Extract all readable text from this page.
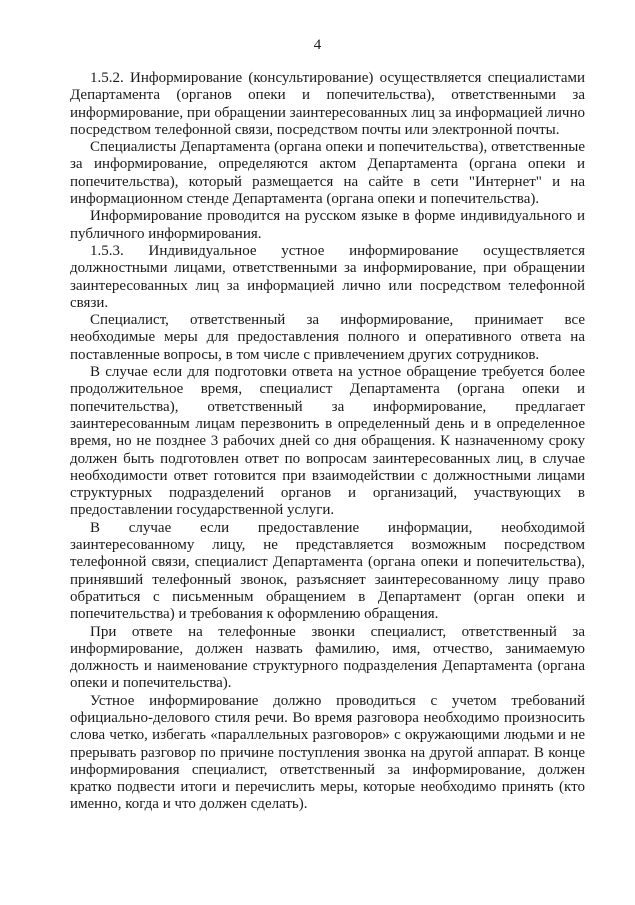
4

1.5.2. Информирование (консультирование) осуществляется специалистами Департамента (органов опеки и попечительства), ответственными за информирование, при обращении заинтересованных лиц за информацией лично посредством телефонной связи, посредством почты или электронной почты.

Специалисты Департамента (органа опеки и попечительства), ответственные за информирование, определяются актом Департамента (органа опеки и попечительства), который размещается на сайте в сети "Интернет" и на информационном стенде Департамента (органа опеки и попечительства).

Информирование проводится на русском языке в форме индивидуального и публичного информирования.

1.5.3. Индивидуальное устное информирование осуществляется должностными лицами, ответственными за информирование, при обращении заинтересованных лиц за информацией лично или посредством телефонной связи.

Специалист, ответственный за информирование, принимает все необходимые меры для предоставления полного и оперативного ответа на поставленные вопросы, в том числе с привлечением других сотрудников.

В случае если для подготовки ответа на устное обращение требуется более продолжительное время, специалист Департамента (органа опеки и попечительства), ответственный за информирование, предлагает заинтересованным лицам перезвонить в определенный день и в определенное время, но не позднее 3 рабочих дней со дня обращения. К назначенному сроку должен быть подготовлен ответ по вопросам заинтересованных лиц, в случае необходимости ответ готовится при взаимодействии с должностными лицами структурных подразделений органов и организаций, участвующих в предоставлении государственной услуги.

В случае если предоставление информации, необходимой заинтересованному лицу, не представляется возможным посредством телефонной связи, специалист Департамента (органа опеки и попечительства), принявший телефонный звонок, разъясняет заинтересованному лицу право обратиться с письменным обращением в Департамент (орган опеки и попечительства) и требования к оформлению обращения.

При ответе на телефонные звонки специалист, ответственный за информирование, должен назвать фамилию, имя, отчество, занимаемую должность и наименование структурного подразделения Департамента (органа опеки и попечительства).

Устное информирование должно проводиться с учетом требований официально-делового стиля речи. Во время разговора необходимо произносить слова четко, избегать «параллельных разговоров» с окружающими людьми и не прерывать разговор по причине поступления звонка на другой аппарат. В конце информирования специалист, ответственный за информирование, должен кратко подвести итоги и перечислить меры, которые необходимо принять (кто именно, когда и что должен сделать).
